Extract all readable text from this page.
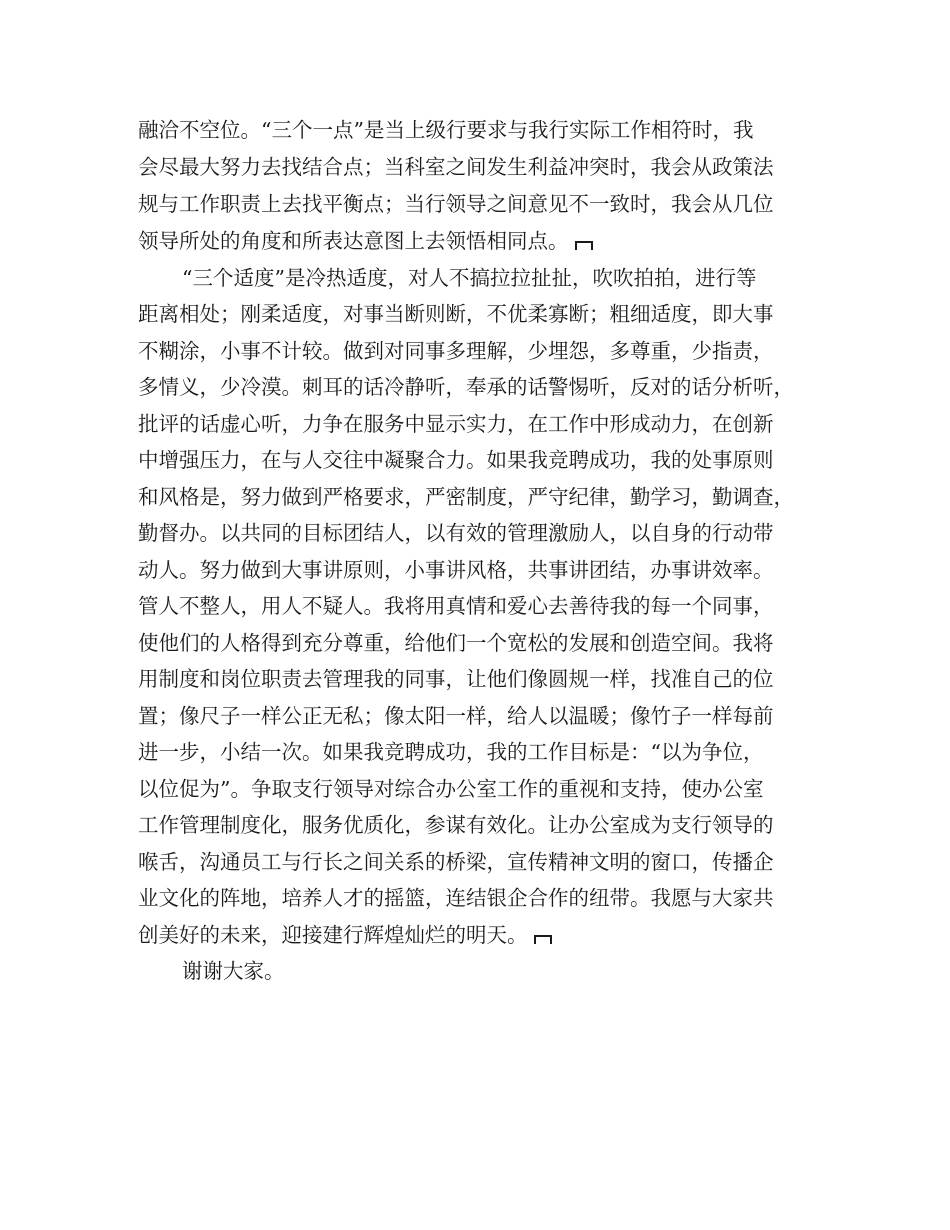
融洽不空位。“三个一点”是当上级行要求与我行实际工作相符时，我
会尽最大努力去找结合点；当科室之间发生利益冲突时，我会从政策法
规与工作职责上去找平衡点；当行领导之间意见不一致时，我会从几位
领导所处的角度和所表达意图上去领悟相同点。
“三个适度”是冷热适度，对人不搞拉拉扯扯，吹吹拍拍，进行等
距离相处；刚柔适度，对事当断则断，不优柔寡断；粗细适度，即大事
不糊涂，小事不计较。做到对同事多理解，少埋怨，多尊重，少指责，
多情义，少冷漠。刺耳的话冷静听，奉承的话警惕听，反对的话分析听，
批评的话虚心听，力争在服务中显示实力，在工作中形成动力，在创新
中增强压力，在与人交往中凝聚合力。如果我竞聘成功，我的处事原则
和风格是，努力做到严格要求，严密制度，严守纪律，勤学习，勤调查，
勤督办。以共同的目标团结人，以有效的管理激励人，以自身的行动带
动人。努力做到大事讲原则，小事讲风格，共事讲团结，办事讲效率。
管人不整人，用人不疑人。我将用真情和爱心去善待我的每一个同事，
使他们的人格得到充分尊重，给他们一个宽松的发展和创造空间。我将
用制度和岗位职责去管理我的同事，让他们像圆规一样，找准自己的位
置；像尺子一样公正无私；像太阳一样，给人以温暖；像竹子一样每前
进一步，小结一次。如果我竞聘成功，我的工作目标是：“以为争位，
以位促为”。争取支行领导对综合办公室工作的重视和支持，使办公室
工作管理制度化，服务优质化，参谋有效化。让办公室成为支行领导的
喉舌，沟通员工与行长之间关系的桥梁，宣传精神文明的窗口，传播企
业文化的阵地，培养人才的摇篮，连结银企合作的纽带。我愿与大家共
创美好的未来，迎接建行辉煌灿烂的明天。
谢谢大家。
